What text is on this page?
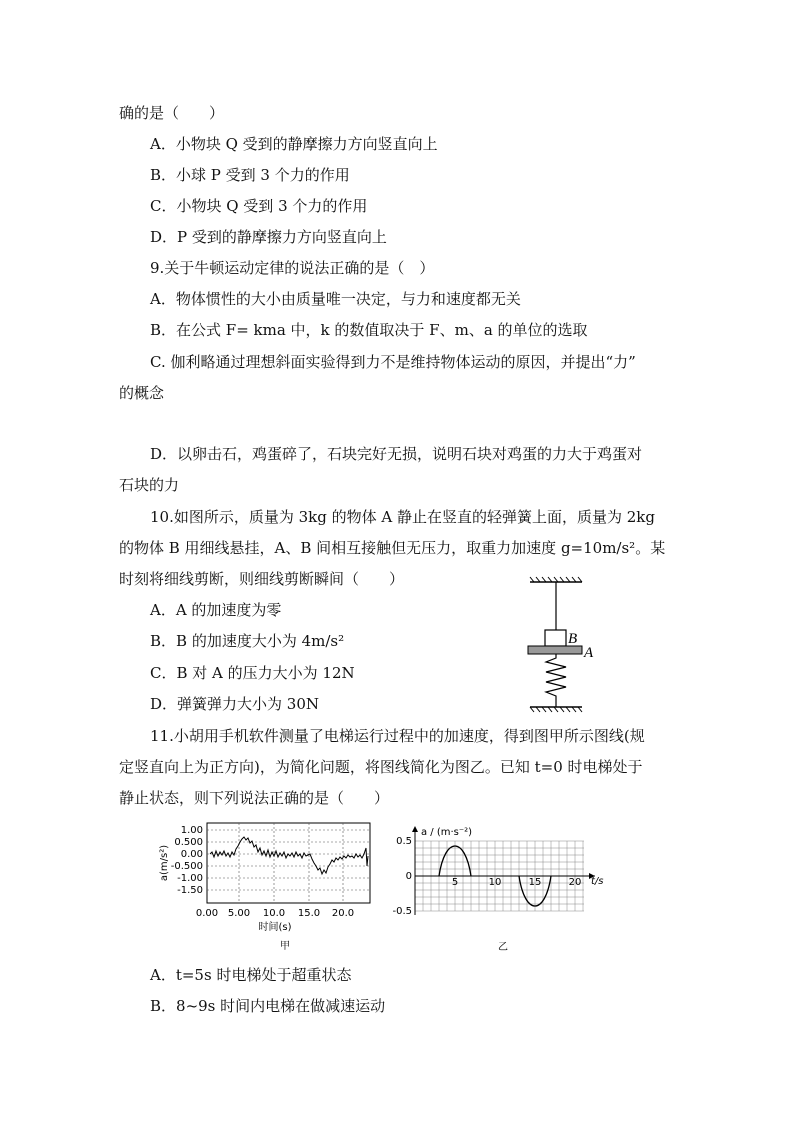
确的是（　　）
A．小物块 Q 受到的静摩擦力方向竖直向上
B．小球 P 受到 3 个力的作用
C．小物块 Q 受到 3 个力的作用
D．P 受到的静摩擦力方向竖直向上
9.关于牛顿运动定律的说法正确的是（　）
A．物体惯性的大小由质量唯一决定，与力和速度都无关
B．在公式 F= kma 中，k 的数值取决于 F、m、a 的单位的选取
C. 伽利略通过理想斜面实验得到力不是维持物体运动的原因，并提出“力”
的概念
D．以卵击石，鸡蛋碎了，石块完好无损，说明石块对鸡蛋的力大于鸡蛋对
石块的力
10.如图所示，质量为 3kg 的物体 A 静止在竖直的轻弹簧上面，质量为 2kg
的物体 B 用细线悬挂，A、B 间相互接触但无压力，取重力加速度 g=10m/s²。某
时刻将细线剪断，则细线剪断瞬间（　　）
A．A 的加速度为零
B．B 的加速度大小为 4m/s²
C．B 对 A 的压力大小为 12N
D．弹簧弹力大小为 30N
11.小胡用手机软件测量了电梯运行过程中的加速度，得到图甲所示图线(规
定竖直向上为正方向)，为简化问题，将图线简化为图乙。已知 t=0 时电梯处于
静止状态，则下列说法正确的是（　　）
A．t=5s 时电梯处于超重状态
B．8~9s 时间内电梯在做减速运动
B
A
1.00
0.500
0.00
-0.500
-1.00
-1.50
0.00 5.00 10.0 15.0 20.0
a(m/s²)
时间(s)
甲
0.5
0
-0.5
5	10	15	20
a / (m·s⁻²)
t/s
乙
